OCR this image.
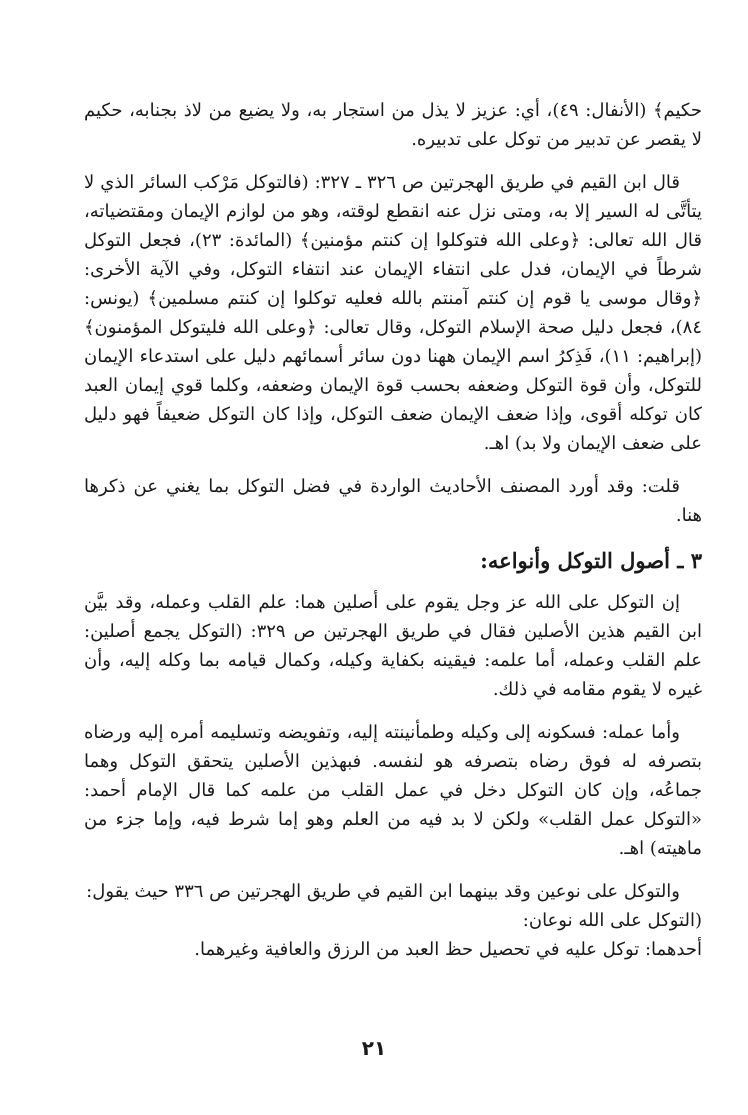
حكيم﴾ (الأنفال: ٤٩)، أي: عزيز لا يذل من استجار به، ولا يضيع من لاذ بجنابه، حكيم لا يقصر عن تدبير من توكل على تدبيره.

قال ابن القيم في طريق الهجرتين ص ٣٢٦ ـ ٣٢٧: (فالتوكل مَرْكب السائر الذي لا يتأتَّى له السير إلا به، ومتى نزل عنه انقطع لوقته، وهو من لوازم الإيمان ومقتضياته، قال الله تعالى: ﴿وعلى الله فتوكلوا إن كنتم مؤمنين﴾ (المائدة: ٢٣)، فجعل التوكل شرطاً في الإيمان، فدل على انتفاء الإيمان عند انتفاء التوكل، وفي الآية الأخرى: ﴿وقال موسى يا قوم إن كنتم آمنتم بالله فعليه توكلوا إن كنتم مسلمين﴾ (يونس: ٨٤)، فجعل دليل صحة الإسلام التوكل، وقال تعالى: ﴿وعلى الله فليتوكل المؤمنون﴾ (إبراهيم: ١١)، فَذِكرُ اسم الإيمان ههنا دون سائر أسمائهم دليل على استدعاء الإيمان للتوكل، وأن قوة التوكل وضعفه بحسب قوة الإيمان وضعفه، وكلما قوي إيمان العبد كان توكله أقوى، وإذا ضعف الإيمان ضعف التوكل، وإذا كان التوكل ضعيفاً فهو دليل على ضعف الإيمان ولا بد) اهـ.

قلت: وقد أورد المصنف الأحاديث الواردة في فضل التوكل بما يغني عن ذكرها هنا.

٣ ـ أصول التوكل وأنواعه:

إن التوكل على الله عز وجل يقوم على أصلين هما: علم القلب وعمله، وقد بيَّن ابن القيم هذين الأصلين فقال في طريق الهجرتين ص ٣٢٩: (التوكل يجمع أصلين: علم القلب وعمله، أما علمه: فيقينه بكفاية وكيله، وكمال قيامه بما وكله إليه، وأن غيره لا يقوم مقامه في ذلك.

وأما عمله: فسكونه إلى وكيله وطمأنينته إليه، وتفويضه وتسليمه أمره إليه ورضاه بتصرفه له فوق رضاه بتصرفه هو لنفسه. فبهذين الأصلين يتحقق التوكل وهما جماعُه، وإن كان التوكل دخل في عمل القلب من علمه كما قال الإمام أحمد: «التوكل عمل القلب» ولكن لا بد فيه من العلم وهو إما شرط فيه، وإما جزء من ماهيته) اهـ.

والتوكل على نوعين وقد بينهما ابن القيم في طريق الهجرتين ص ٣٣٦ حيث يقول:

(التوكل على الله نوعان:

أحدهما: توكل عليه في تحصيل حظ العبد من الرزق والعافية وغيرهما.

٢١
